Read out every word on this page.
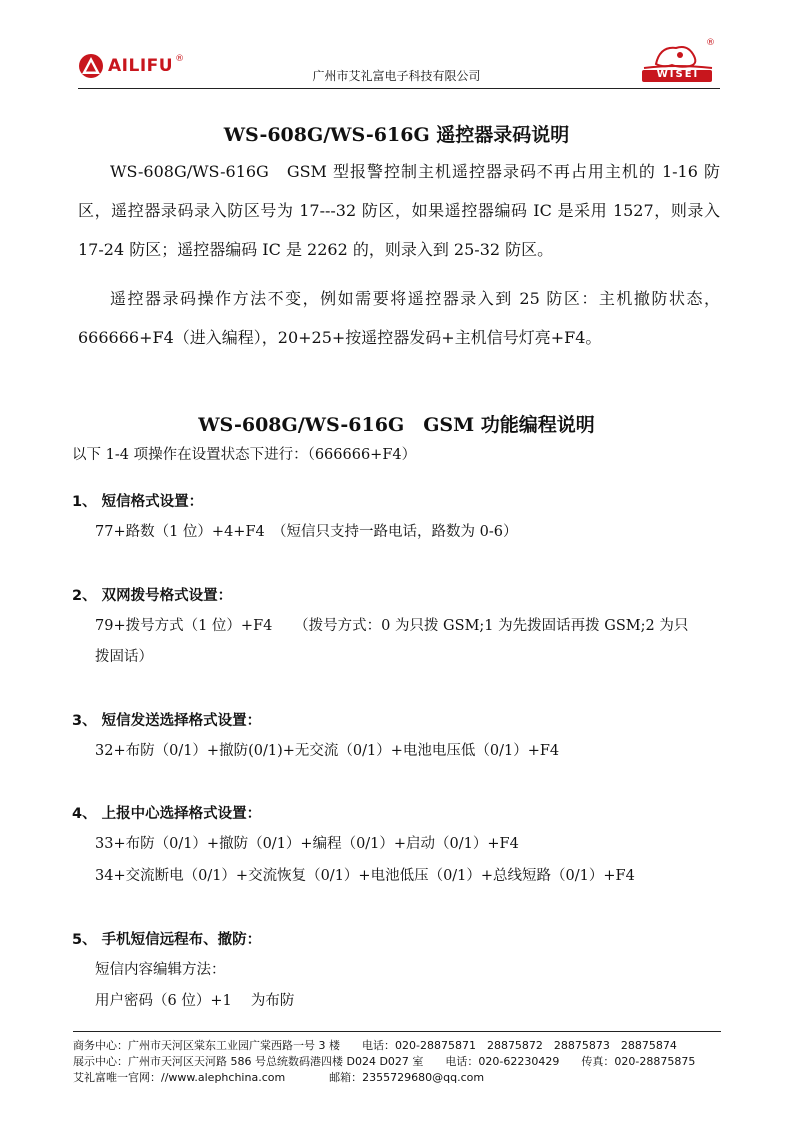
AILIFU ®
广州市艾礼富电子科技有限公司	WISEI
®
WS-608G/WS-616G 遥控器录码说明
WS-608G/WS-616G　GSM 型报警控制主机遥控器录码不再占用主机的 1-16 防区，遥控器录码录入防区号为 17---32 防区，如果遥控器编码 IC 是采用 1527，则录入 17-24 防区；遥控器编码 IC 是 2262 的，则录入到 25-32 防区。
遥控器录码操作方法不变，例如需要将遥控器录入到 25 防区：主机撤防状态，666666+F4（进入编程），20+25+按遥控器发码+主机信号灯亮+F4。
WS-608G/WS-616G　GSM 功能编程说明
以下 1-4 项操作在设置状态下进行：（666666+F4）
1、 短信格式设置：
77+路数（1 位）+4+F4　（短信只支持一路电话，路数为 0-6）
2、 双网拨号格式设置：
79+拨号方式（1 位）+F4　　（拨号方式：0 为只拨 GSM;1 为先拨固话再拨 GSM;2 为只
拨固话）
3、 短信发送选择格式设置：
32+布防（0/1）+撤防(0/1)+无交流（0/1）+电池电压低（0/1）+F4
4、 上报中心选择格式设置：
33+布防（0/1）+撤防（0/1）+编程（0/1）+启动（0/1）+F4
34+交流断电（0/1）+交流恢复（0/1）+电池低压（0/1）+总线短路（0/1）+F4
5、 手机短信远程布、撤防：
短信内容编辑方法：
用户密码（6 位）+1　 为布防
商务中心：广州市天河区棠东工业园广棠西路一号 3 楼　　电话：020-28875871　28875872　28875873　28875874
展示中心：广州市天河区天河路 586 号总统数码港四楼 D024 D027 室　　电话：020-62230429　　传真：020-28875875
艾礼富唯一官网：//www.alephchina.com　　　　邮箱：2355729680@qq.com
